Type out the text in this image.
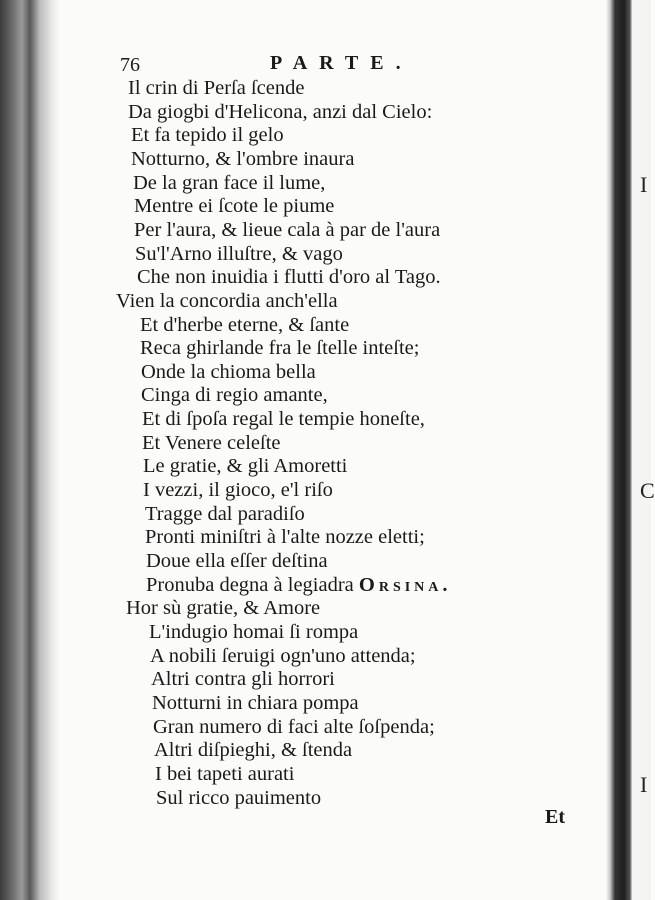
I
C
I
76	PARTE.
Il crin di Perſa ſcende
Da giogbi d'Helicona, anzi dal Cielo:
Et fa tepido il gelo
Notturno, & l'ombre inaura
De la gran face il lume,
Mentre ei ſcote le piume
Per l'aura, & lieue cala à par de l'aura
Su'l'Arno illuſtre, & vago
Che non inuidia i flutti d'oro al Tago.
Vien la concordia anch'ella
Et d'herbe eterne, & ſante
Reca ghirlande fra le ſtelle inteſte;
Onde la chioma bella
Cinga di regio amante,
Et di ſpoſa regal le tempie honeſte,
Et Venere celeſte
Le gratie, & gli Amoretti
I vezzi, il gioco, e'l riſo
Tragge dal paradiſo
Pronti miniſtri à l'alte nozze eletti;
Doue ella eſſer deſtina
Pronuba degna à legiadra Orsina.
Hor sù gratie, & Amore
L'indugio homai ſi rompa
A nobili ſeruigi ogn'uno attenda;
Altri contra gli horrori
Notturni in chiara pompa
Gran numero di faci alte ſoſpenda;
Altri diſpieghi, & ſtenda
I bei tapeti aurati
Sul ricco pauimento
Et
